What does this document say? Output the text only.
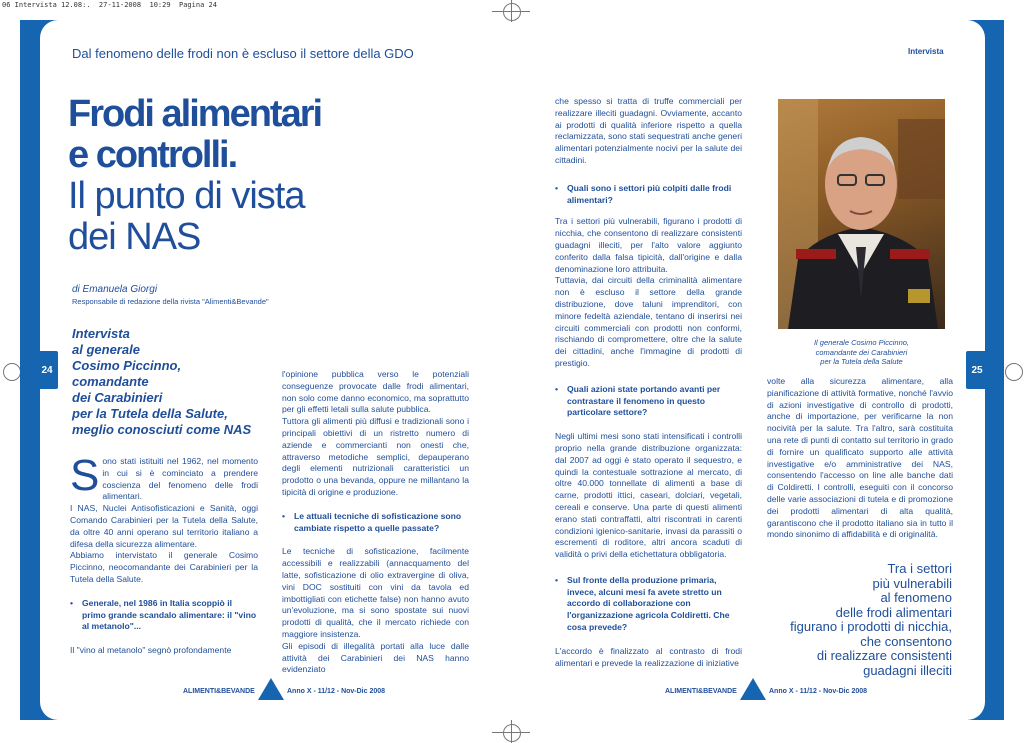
06 Intervista 12.08:.  27-11-2008  10:29  Pagina 24
24	25
Dal fenomeno delle frodi non è escluso il settore della GDO	Intervista
Frodi alimentari
e controlli.
Il punto di vista
dei NAS
di Emanuela Giorgi
Responsabile di redazione della rivista "Alimenti&Bevande"
Intervista
al generale
Cosimo Piccinno,
comandante
dei Carabinieri
per la Tutela della Salute,
meglio conosciuti come NAS

Sono stati istituiti nel 1962, nel momento in cui si è cominciato a prendere coscienza del fenomeno delle frodi alimentari.

I NAS, Nuclei Antisofisticazioni e Sanità, oggi Comando Carabinieri per la Tutela della Salute, da oltre 40 anni operano sul territorio italiano a difesa della sicurezza alimentare.

Abbiamo intervistato il generale Cosimo Piccinno, neocomandante dei Carabinieri per la Tutela della Salute.

• Generale, nel 1986 in Italia scoppiò il primo grande scandalo alimentare: il "vino al metanolo"...

Il "vino al metanolo" segnò profondamente

l'opinione pubblica verso le potenziali conseguenze provocate dalle frodi alimentari, non solo come danno economico, ma soprattutto per gli effetti letali sulla salute pubblica.

Tuttora gli alimenti più diffusi e tradizionali sono i principali obiettivi di un ristretto numero di aziende e commercianti non onesti che, attraverso metodiche semplici, depauperano degli elementi nutrizionali caratteristici un prodotto o una bevanda, oppure ne millantano la tipicità di origine e produzione.

• Le attuali tecniche di sofisticazione sono cambiate rispetto a quelle passate?

Le tecniche di sofisticazione, facilmente accessibili e realizzabili (annacquamento del latte, sofisticazione di olio extravergine di oliva, vini DOC sostituiti con vini da tavola ed imbottigliati con etichette false) non hanno avuto un'evoluzione, ma si sono spostate sui nuovi prodotti di qualità, che il mercato richiede con maggiore insistenza.

Gli episodi di illegalità portati alla luce dalle attività dei Carabinieri dei NAS hanno evidenziato

che spesso si tratta di truffe commerciali per realizzare illeciti guadagni. Ovviamente, accanto ai prodotti di qualità inferiore rispetto a quella reclamizzata, sono stati sequestrati anche generi alimentari potenzialmente nocivi per la salute dei cittadini.

• Quali sono i settori più colpiti dalle frodi alimentari?

Tra i settori più vulnerabili, figurano i prodotti di nicchia, che consentono di realizzare consistenti guadagni illeciti, per l'alto valore aggiunto conferito dalla falsa tipicità, dall'origine e dalla denominazione loro attribuita.

Tuttavia, dai circuiti della criminalità alimentare non è escluso il settore della grande distribuzione, dove taluni imprenditori, con minore fedeltà aziendale, tentano di inserirsi nei circuiti commerciali con prodotti non conformi, rischiando di compromettere, oltre che la salute dei cittadini, anche l'immagine di prodotti di prestigio.

• Quali azioni state portando avanti per contrastare il fenomeno in questo particolare settore?

Negli ultimi mesi sono stati intensificati i controlli proprio nella grande distribuzione organizzata: dal 2007 ad oggi è stato operato il sequestro, e quindi la contestuale sottrazione al mercato, di oltre 40.000 tonnellate di alimenti a base di carne, prodotti ittici, caseari, dolciari, vegetali, cereali e conserve. Una parte di questi alimenti erano stati contraffatti, altri riscontrati in carenti condizioni igienico-sanitarie, invasi da parassiti o escrementi di roditore, altri ancora scaduti di validità o privi della etichettatura obbligatoria.

• Sul fronte della produzione primaria, invece, alcuni mesi fa avete stretto un accordo di collaborazione con l'organizzazione agricola Coldiretti. Che cosa prevede?

L'accordo è finalizzato al contrasto di frodi alimentari e prevede la realizzazione di iniziative

Il generale Cosimo Piccinno,
comandante dei Carabinieri
per la Tutela della Salute

volte alla sicurezza alimentare, alla pianificazione di attività formative, nonché l'avvio di azioni investigative di controllo di prodotti, anche di importazione, per verificarne la non nocività per la salute. Tra l'altro, sarà costituita una rete di punti di contatto sul territorio in grado di fornire un qualificato supporto alle attività investigative e/o amministrative dei NAS, consentendo l'accesso on line alle banche dati di Coldiretti. I controlli, eseguiti con il concorso delle varie associazioni di tutela e di promozione dei prodotti alimentari di alta qualità, garantiscono che il prodotto italiano sia in tutto il mondo sinonimo di affidabilità e di originalità.

Tra i settori
più vulnerabili
al fenomeno
delle frodi alimentari
figurano i prodotti di nicchia,
che consentono
di realizzare consistenti
guadagni illeciti
ALIMENTI&BEVANDE	Anno X - 11/12 - Nov-Dic 2008	ALIMENTI&BEVANDE	Anno X - 11/12 - Nov-Dic 2008
